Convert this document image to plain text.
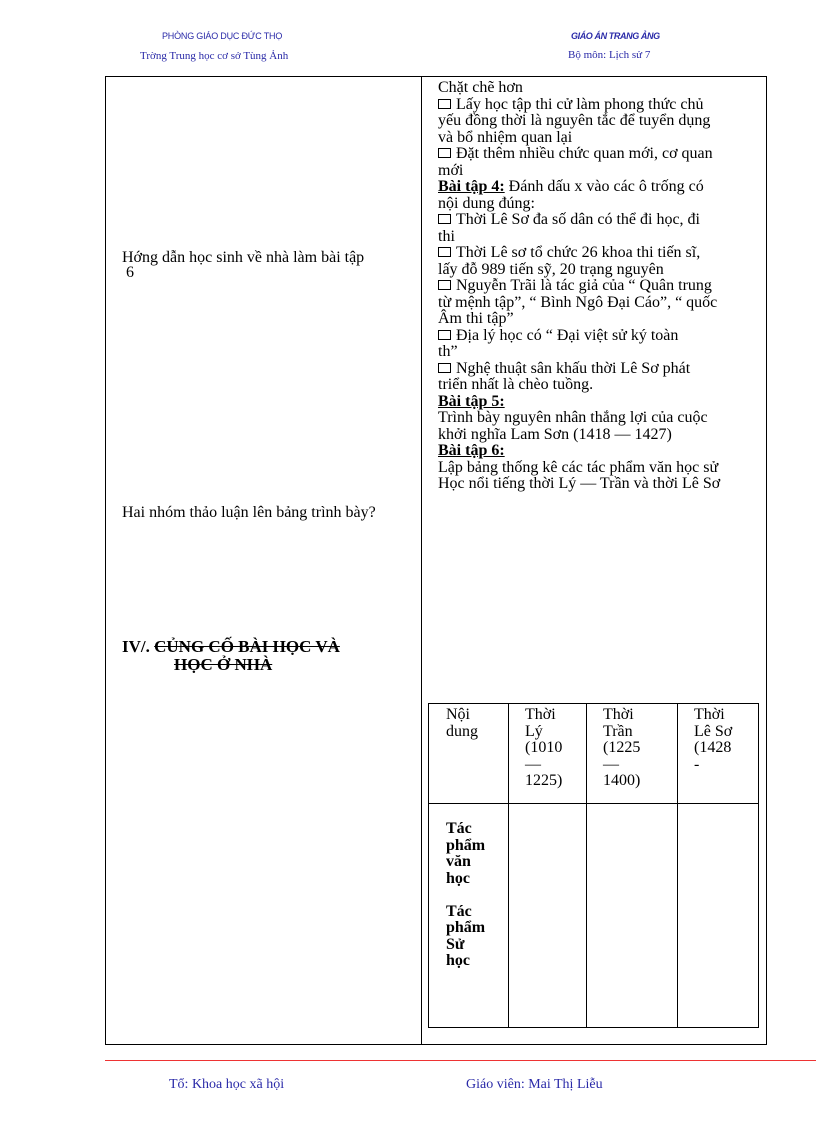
PHÒNG GIÁO DỤC ĐỨC THỌ
Trờng Trung học cơ sở Tùng Ảnh
GIÁO ÁN TRANG ẢNG
Bộ môn: Lịch sử 7
Hớng dẫn học sinh về nhà làm bài tập
6
Hai nhóm thảo luận lên bảng trình bày?
IV/. CỦNG CỐ BÀI HỌC VÀ
HỌC Ở NHÀ

Chặt chẽ hơn

Lấy học tập thi cử làm phong thức chủ

yếu đồng thời là nguyên tắc để tuyển dụng

và bổ nhiệm quan lại

Đặt thêm nhiều chức quan mới, cơ quan

mới

Bài tập 4: Đánh dấu x vào các ô trống có

nội dung đúng:

Thời Lê Sơ đa số dân có thể đi học, đi

thi

Thời Lê sơ tổ chức 26 khoa thi tiến sĩ,

lấy đỗ 989 tiến sỹ, 20 trạng nguyên

Nguyễn Trãi là tác giả của “ Quân trung

từ mệnh tập”, “ Bình Ngô Đại Cáo”, “ quốc

Âm thi tập”

Địa lý học có “ Đại việt sử ký toàn

th”

Nghệ thuật sân khấu thời Lê Sơ phát

triển nhất là chèo tuồng.

Bài tập 5:

Trình bày nguyên nhân thắng lợi của cuộc

khởi nghĩa Lam Sơn (1418 — 1427)

Bài tập 6:

Lập bảng thống kê các tác phẩm văn học sử

Học nổi tiếng thời Lý — Trần và thời Lê Sơ

Nội dung	Thời Lý (1010 — 1225)	Thời Trần (1225 — 1400)	Thời Lê Sơ (1428 -

Tác phẩm văn học

Tác phẩm Sử học			

Tổ: Khoa học xã hội	Giáo viên: Mai Thị Liễu
